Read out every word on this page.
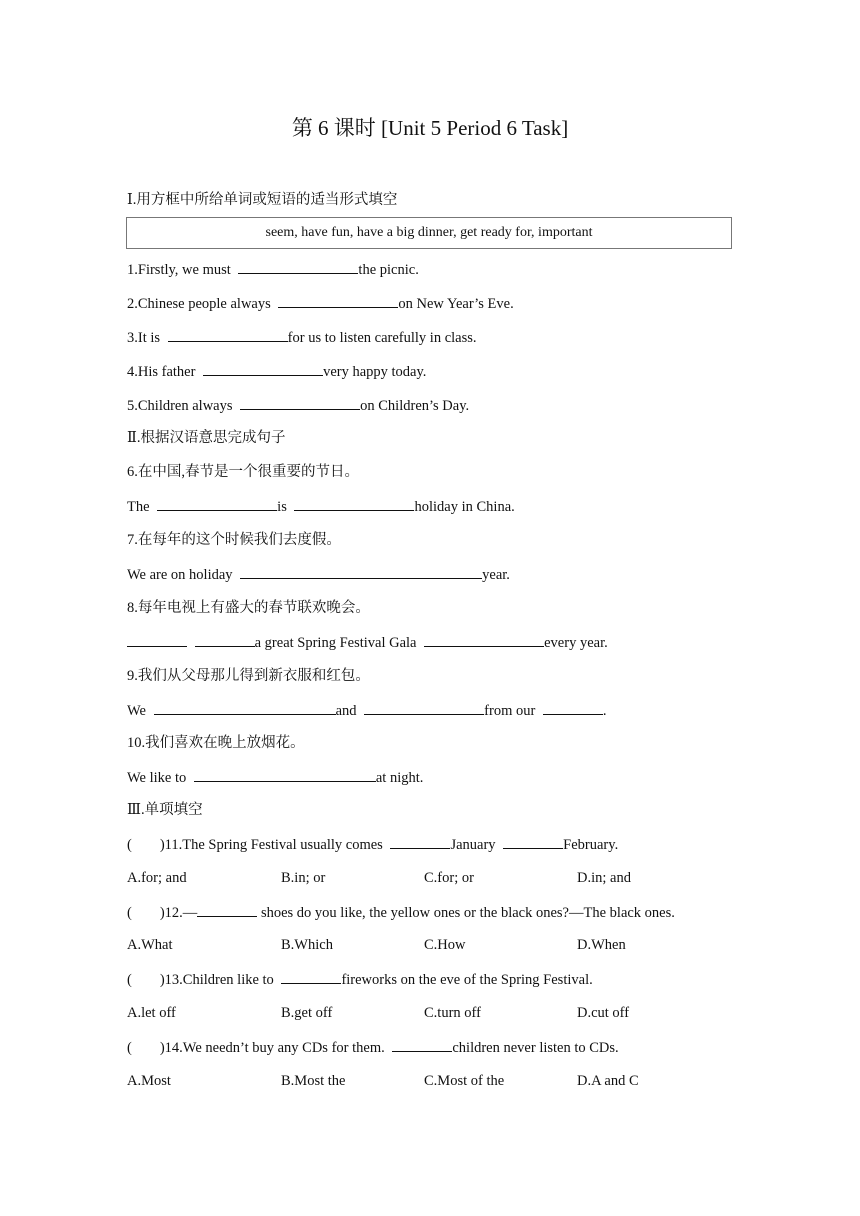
第 6 课时 [Unit 5 Period 6 Task]
Ⅰ.用方框中所给单词或短语的适当形式填空
seem, have fun, have a big dinner, get ready for, important
1.Firstly, we must	the picnic.
2.Chinese people always	on New Year’s Eve.
3.It is	for us to listen carefully in class.
4.His father	very happy today.
5.Children always	on Children’s Day.
Ⅱ.根据汉语意思完成句子
6.在中国,春节是一个很重要的节日。
The	is	holiday in China.
7.在每年的这个时候我们去度假。
We are on holiday	year.
8.每年电视上有盛大的春节联欢晚会。
a great Spring Festival Gala	every year.
9.我们从父母那儿得到新衣服和红包。
We	and	from our	.
10.我们喜欢在晚上放烟花。
We like to	at night.
Ⅲ.单项填空
( )11.The Spring Festival usually comes	January	February.
A.for; and	B.in; or	C.for; or	D.in; and
( )12.—	shoes do you like, the yellow ones or the black ones?—The black ones.
A.What	B.Which	C.How	D.When
( )13.Children like to	fireworks on the eve of the Spring Festival.
A.let off	B.get off	C.turn off	D.cut off
( )14.We needn’t buy any CDs for them.	children never listen to CDs.
A.Most	B.Most the	C.Most of the	D.A and C
